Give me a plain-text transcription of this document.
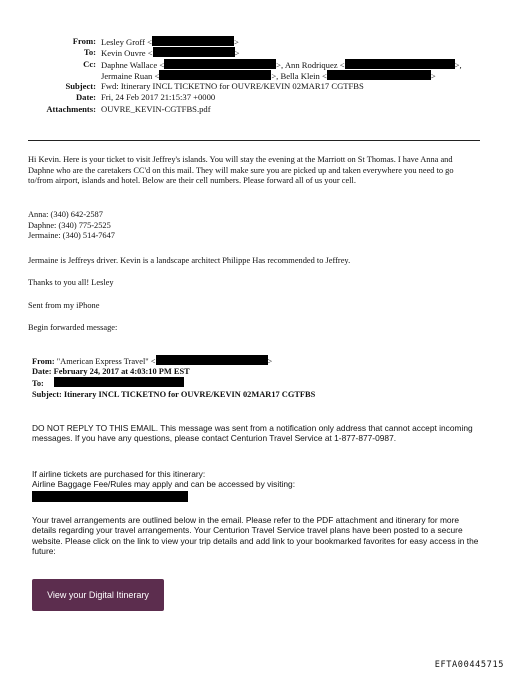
From: Lesley Groff <	>
To: Kevin Ouvre <	>
Cc: Daphne Wallace <	>, Ann Rodriquez <	>,
Jermaine Ruan <	>, Bella Klein <	>
Subject: Fwd: Itinerary INCL TICKETNO for OUVRE/KEVIN 02MAR17 CGTFBS
Date: Fri, 24 Feb 2017 21:15:37 +0000
Attachments: OUVRE_KEVIN-CGTFBS.pdf

Hi Kevin. Here is your ticket to visit Jeffrey's islands. You will stay the evening at the Marriott on St Thomas. I have Anna and Daphne who are the caretakers CC'd on this mail. They will make sure you are picked up and taken everywhere you need to go to/from airport, islands and hotel. Below are their cell numbers. Please forward all of us your cell.

Anna: (340) 642-2587

Daphne: (340) 775-2525

Jermaine: (340) 514-7647

Jermaine is Jeffreys driver. Kevin is a landscape architect Philippe Has recommended to Jeffrey.

Thanks to you all! Lesley

Sent from my iPhone

Begin forwarded message:

From: "American Express Travel" <	>
Date: February 24, 2017 at 4:03:10 PM EST
To:
Subject: Itinerary INCL TICKETNO for OUVRE/KEVIN 02MAR17 CGTFBS

DO NOT REPLY TO THIS EMAIL. This message was sent from a notification only address that cannot accept incoming messages. If you have any questions, please contact Centurion Travel Service at 1-877-877-0987.

If airline tickets are purchased for this itinerary:

Airline Baggage Fee/Rules may apply and can be accessed by visiting:

Your travel arrangements are outlined below in the email. Please refer to the PDF attachment and itinerary for more details regarding your travel arrangements. Your Centurion Travel Service travel plans have been posted to a secure website. Please click on the link to view your trip details and add link to your bookmarked favorites for easy access in the future:

View your Digital Itinerary
EFTA00445715
